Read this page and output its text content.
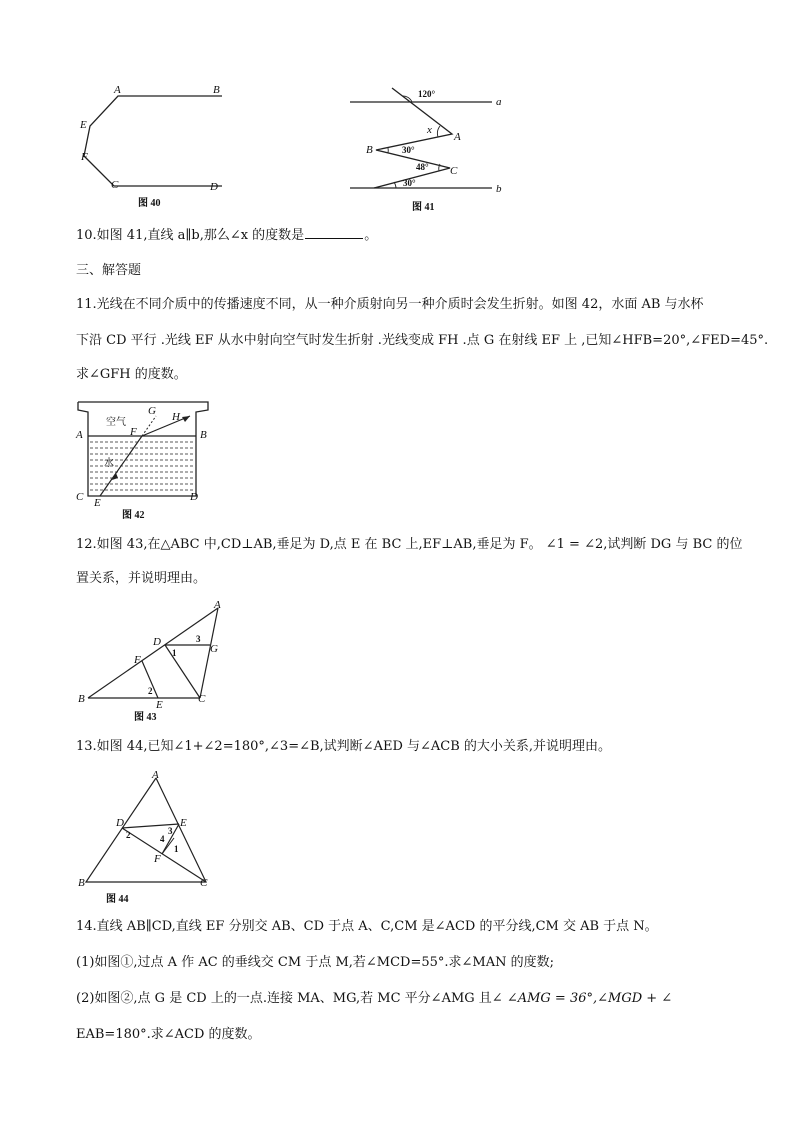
A	B
E
F
C	D
图 40
120°
a
x
A
B	30°
48° C
30°	b
图 41
10.如图 41,直线 a∥b,那么∠x 的度数是	。
三、解答题
11.光线在不同介质中的传播速度不同，从一种介质射向另一种介质时会发生折射。如图 42，水面 AB 与水杯
下沿 CD 平行 .光线 EF 从水中射向空气时发生折射 .光线变成 FH .点 G 在射线 EF 上 ,已知∠HFB=20°,∠FED=45°.
求∠GFH 的度数。
空气
G H
F
A	B
水
C E	D
图 42
12.如图 43,在△ABC 中,CD⊥AB,垂足为 D,点 E 在 BC 上,EF⊥AB,垂足为 F。 ∠1 = ∠2,试判断 DG 与 BC 的位
置关系，并说明理由。
A
D	3
1	G
F
2
B	E	C
图 43
13.如图 44,已知∠1+∠2=180°,∠3=∠B,试判断∠AED 与∠ACB 的大小关系,并说明理由。
D	E
2	3
4
1
F
A
B	C
图 44
14.直线 AB∥CD,直线 EF 分别交 AB、CD 于点 A、C,CM 是∠ACD 的平分线,CM 交 AB 于点 N。
(1)如图①,过点 A 作 AC 的垂线交 CM 于点 M,若∠MCD=55°.求∠MAN 的度数;
(2)如图②,点 G 是 CD 上的一点.连接 MA、MG,若 MC 平分∠AMG 且∠ ∠AMG = 36°,∠MGD + ∠
EAB=180°.求∠ACD 的度数。
